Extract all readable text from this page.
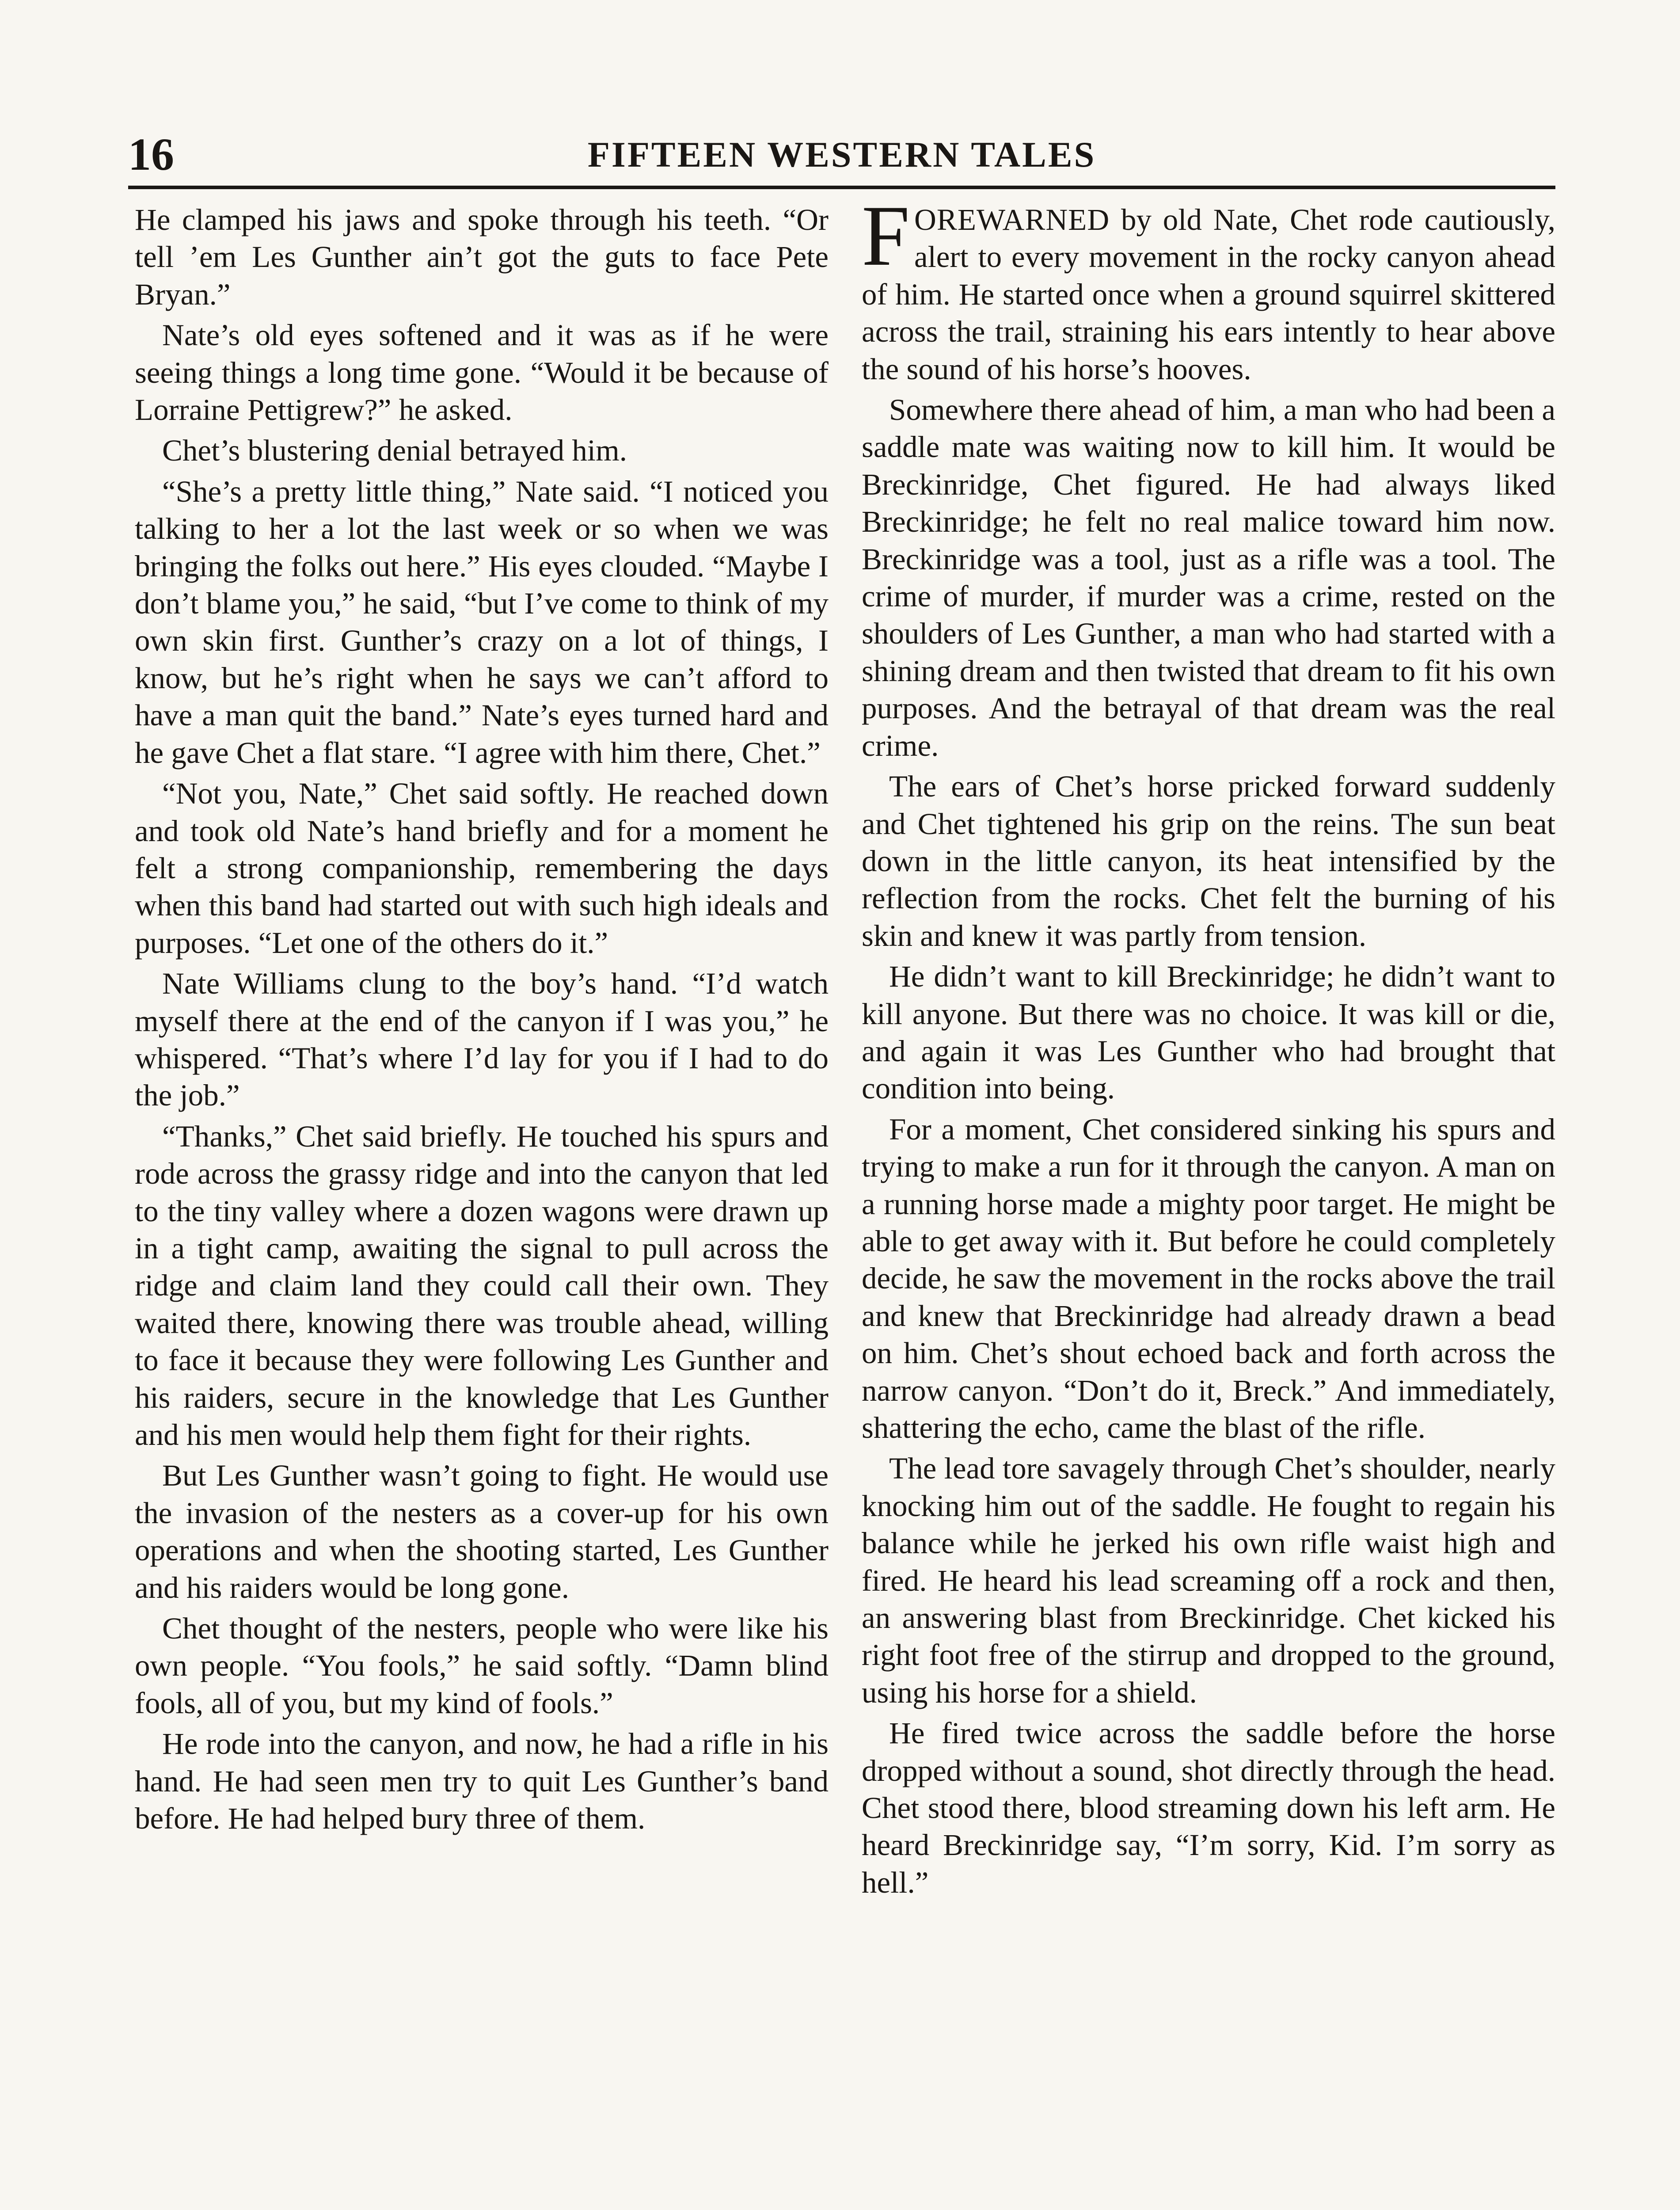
16	FIFTEEN WESTERN TALES

He clamped his jaws and spoke through his teeth. “Or tell ’em Les Gunther ain’t got the guts to face Pete Bryan.”

Nate’s old eyes softened and it was as if he were seeing things a long time gone. “Would it be because of Lorraine Pettigrew?” he asked.

Chet’s blustering denial betrayed him.

“She’s a pretty little thing,” Nate said. “I noticed you talking to her a lot the last week or so when we was bringing the folks out here.” His eyes clouded. “Maybe I don’t blame you,” he said, “but I’ve come to think of my own skin first. Gunther’s crazy on a lot of things, I know, but he’s right when he says we can’t afford to have a man quit the band.” Nate’s eyes turned hard and he gave Chet a flat stare. “I agree with him there, Chet.”

“Not you, Nate,” Chet said softly. He reached down and took old Nate’s hand briefly and for a moment he felt a strong companionship, remembering the days when this band had started out with such high ideals and purposes. “Let one of the others do it.”

Nate Williams clung to the boy’s hand. “I’d watch myself there at the end of the canyon if I was you,” he whispered. “That’s where I’d lay for you if I had to do the job.”

“Thanks,” Chet said briefly. He touched his spurs and rode across the grassy ridge and into the canyon that led to the tiny valley where a dozen wagons were drawn up in a tight camp, awaiting the signal to pull across the ridge and claim land they could call their own. They waited there, knowing there was trouble ahead, willing to face it because they were following Les Gunther and his raiders, secure in the knowledge that Les Gunther and his men would help them fight for their rights.

But Les Gunther wasn’t going to fight. He would use the invasion of the nesters as a cover-up for his own operations and when the shooting started, Les Gunther and his raiders would be long gone.

Chet thought of the nesters, people who were like his own people. “You fools,” he said softly. “Damn blind fools, all of you, but my kind of fools.”

He rode into the canyon, and now, he had a rifle in his hand. He had seen men try to quit Les Gunther’s band before. He had helped bury three of them.

FOREWARNED by old Nate, Chet rode cautiously, alert to every movement in the rocky canyon ahead of him. He started once when a ground squirrel skittered across the trail, straining his ears intently to hear above the sound of his horse’s hooves.

Somewhere there ahead of him, a man who had been a saddle mate was waiting now to kill him. It would be Breckinridge, Chet figured. He had always liked Breckinridge; he felt no real malice toward him now. Breckinridge was a tool, just as a rifle was a tool. The crime of murder, if murder was a crime, rested on the shoulders of Les Gunther, a man who had started with a shining dream and then twisted that dream to fit his own purposes. And the betrayal of that dream was the real crime.

The ears of Chet’s horse pricked forward suddenly and Chet tightened his grip on the reins. The sun beat down in the little canyon, its heat intensified by the reflection from the rocks. Chet felt the burning of his skin and knew it was partly from tension.

He didn’t want to kill Breckinridge; he didn’t want to kill anyone. But there was no choice. It was kill or die, and again it was Les Gunther who had brought that condition into being.

For a moment, Chet considered sinking his spurs and trying to make a run for it through the canyon. A man on a running horse made a mighty poor target. He might be able to get away with it. But before he could completely decide, he saw the movement in the rocks above the trail and knew that Breckinridge had already drawn a bead on him. Chet’s shout echoed back and forth across the narrow canyon. “Don’t do it, Breck.” And immediately, shattering the echo, came the blast of the rifle.

The lead tore savagely through Chet’s shoulder, nearly knocking him out of the saddle. He fought to regain his balance while he jerked his own rifle waist high and fired. He heard his lead screaming off a rock and then, an answering blast from Breckinridge. Chet kicked his right foot free of the stirrup and dropped to the ground, using his horse for a shield.

He fired twice across the saddle before the horse dropped without a sound, shot directly through the head. Chet stood there, blood streaming down his left arm. He heard Breckinridge say, “I’m sorry, Kid. I’m sorry as hell.”
